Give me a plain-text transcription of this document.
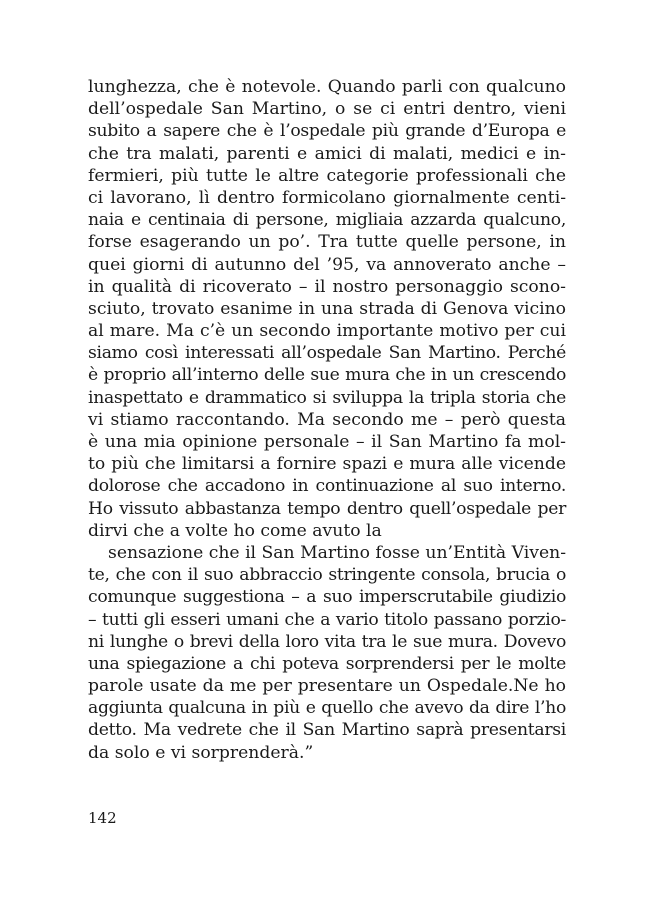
lunghezza, che è notevole. Quando parli con qualcuno
dell’ospedale San Martino, o se ci entri dentro, vieni
subito a sapere che è l’ospedale più grande d’Europa e
che tra malati, parenti e amici di malati, medici e in-
fermieri, più tutte le altre categorie professionali che
ci lavorano, lì dentro formicolano giornalmente centi-
naia e centinaia di persone, migliaia azzarda qualcuno,
forse esagerando un po’. Tra tutte quelle persone, in
quei giorni di autunno del ’95, va annoverato anche –
in qualità di ricoverato – il nostro personaggio scono-
sciuto, trovato esanime in una strada di Genova vicino
al mare. Ma c’è un secondo importante motivo per cui
siamo così interessati all’ospedale San Martino. Perché
è proprio all’interno delle sue mura che in un crescendo
inaspettato e drammatico si sviluppa la tripla storia che
vi stiamo raccontando. Ma secondo me – però questa
è una mia opinione personale – il San Martino fa mol-
to più che limitarsi a fornire spazi e mura alle vicende
dolorose che accadono in continuazione al suo interno.
Ho vissuto abbastanza tempo dentro quell’ospedale per
dirvi che a volte ho come avuto la
sensazione che il San Martino fosse un’Entità Viven-
te, che con il suo abbraccio stringente consola, brucia o
comunque suggestiona – a suo imperscrutabile giudizio
– tutti gli esseri umani che a vario titolo passano porzio-
ni lunghe o brevi della loro vita tra le sue mura. Dovevo
una spiegazione a chi poteva sorprendersi per le molte
parole usate da me per presentare un Ospedale.Ne ho
aggiunta qualcuna in più e quello che avevo da dire l’ho
detto. Ma vedrete che il San Martino saprà presentarsi
da solo e vi sorprenderà.”
142
